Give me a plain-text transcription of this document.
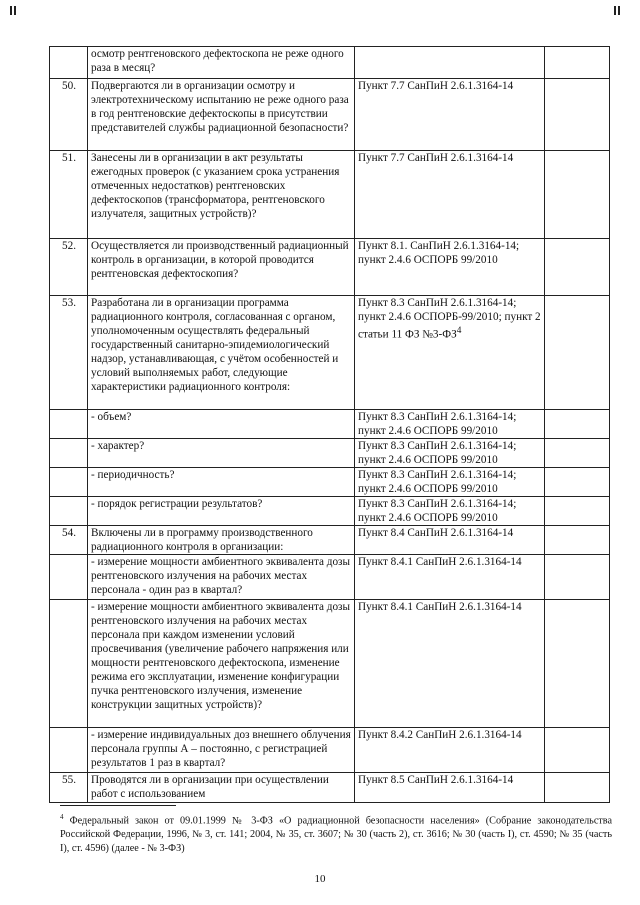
	осмотр рентгеновского дефектоскопа не реже одного раза в месяц?		
50.	Подвергаются ли в организации осмотру и электротехническому испытанию не реже одного раза в год рентгеновские дефектоскопы в присутствии представителей службы радиационной безопасности?	Пункт 7.7 СанПиН 2.6.1.3164-14	
51.	Занесены ли в организации в акт результаты ежегодных проверок (с указанием срока устранения отмеченных недостатков) рентгеновских дефектоскопов (трансформатора, рентгеновского излучателя, защитных устройств)?	Пункт 7.7 СанПиН 2.6.1.3164-14	
52.	Осуществляется ли производственный радиационный контроль в организации, в которой проводится рентгеновская дефектоскопия?	Пункт 8.1. СанПиН 2.6.1.3164-14; пункт 2.4.6 ОСПОРБ 99/2010	
53.	Разработана ли в организации программа радиационного контроля, согласованная с органом, уполномоченным осуществлять федеральный государственный санитарно-эпидемиологический надзор, устанавливающая, с учётом особенностей и условий выполняемых работ, следующие характеристики радиационного контроля:	Пункт 8.3 СанПиН 2.6.1.3164-14; пункт 2.4.6 ОСПОРБ-99/2010; пункт 2 статьи 11 ФЗ $№3-ФЗ^4$	
	- объем?	Пункт 8.3 СанПиН 2.6.1.3164-14; пункт 2.4.6 ОСПОРБ 99/2010	
	- характер?	Пункт 8.3 СанПиН 2.6.1.3164-14; пункт 2.4.6 ОСПОРБ 99/2010	
	- периодичность?	Пункт 8.3 СанПиН 2.6.1.3164-14; пункт 2.4.6 ОСПОРБ 99/2010	
	- порядок регистрации результатов?	Пункт 8.3 СанПиН 2.6.1.3164-14; пункт 2.4.6 ОСПОРБ 99/2010	
54.	Включены ли в программу производственного радиационного контроля в организации:	Пункт 8.4 СанПиН 2.6.1.3164-14	
	- измерение мощности амбиентного эквивалента дозы рентгеновского излучения на рабочих местах персонала - один раз в квартал?	Пункт 8.4.1 СанПиН 2.6.1.3164-14	
	- измерение мощности амбиентного эквивалента дозы рентгеновского излучения на рабочих местах персонала при каждом изменении условий просвечивания (увеличение рабочего напряжения или мощности рентгеновского дефектоскопа, изменение режима его эксплуатации, изменение конфигурации пучка рентгеновского излучения, изменение конструкции защитных устройств)?	Пункт 8.4.1 СанПиН 2.6.1.3164-14	
	- измерение индивидуальных доз внешнего облучения персонала группы А – постоянно, с регистрацией результатов 1 раз в квартал?	Пункт 8.4.2 СанПиН 2.6.1.3164-14	
55.	Проводятся ли в организации при осуществлении работ с использованием	Пункт 8.5 СанПиН 2.6.1.3164-14	
$^4$ Федеральный закон от 09.01.1999 № 3-ФЗ «О радиационной безопасности населения» (Собрание законодательства Российской Федерации, 1996, № 3, ст. 141; 2004, № 35, ст. 3607; № 30 (часть 2), ст. 3616; № 30 (часть I), ст. 4590; № 35 (часть I), ст. 4596) (далее - № 3-ФЗ)
10
